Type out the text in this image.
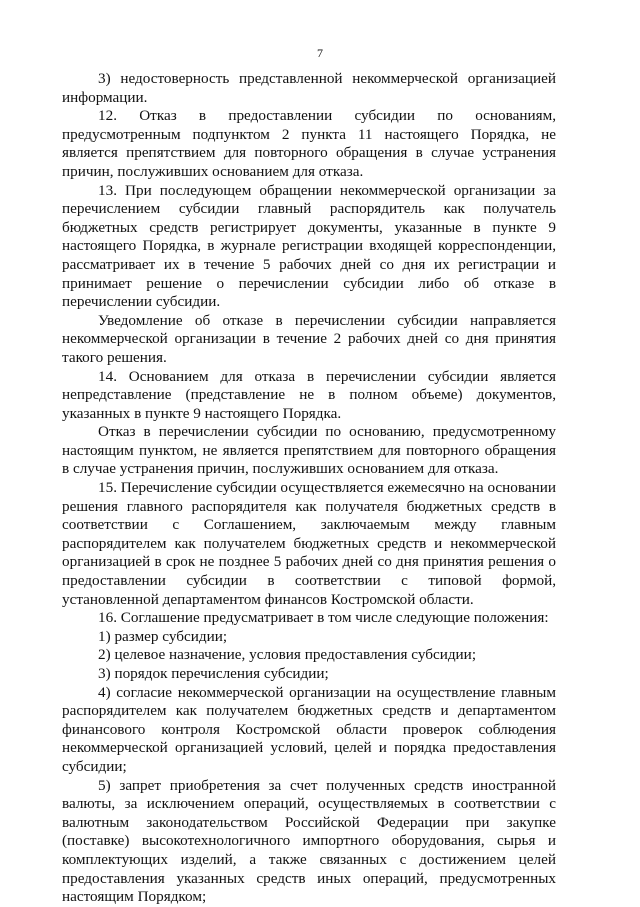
7

3) недостоверность представленной некоммерческой организацией информации.

12. Отказ в предоставлении субсидии по основаниям, предусмотренным подпунктом 2 пункта 11 настоящего Порядка, не является препятствием для повторного обращения в случае устранения причин, послуживших основанием для отказа.

13. При последующем обращении некоммерческой организации за перечислением субсидии главный распорядитель как получатель бюджетных средств регистрирует документы, указанные в пункте 9 настоящего Порядка, в журнале регистрации входящей корреспонденции, рассматривает их в течение 5 рабочих дней со дня их регистрации и принимает решение о перечислении субсидии либо об отказе в перечислении субсидии.

Уведомление об отказе в перечислении субсидии направляется некоммерческой организации в течение 2 рабочих дней со дня принятия такого решения.

14. Основанием для отказа в перечислении субсидии является непредставление (представление не в полном объеме) документов, указанных в пункте 9 настоящего Порядка.

Отказ в перечислении субсидии по основанию, предусмотренному настоящим пунктом, не является препятствием для повторного обращения в случае устранения причин, послуживших основанием для отказа.

15. Перечисление субсидии осуществляется ежемесячно на основании решения главного распорядителя как получателя бюджетных средств в соответствии с Соглашением, заключаемым между главным распорядителем как получателем бюджетных средств и некоммерческой организацией в срок не позднее 5 рабочих дней со дня принятия решения о предоставлении субсидии в соответствии с типовой формой, установленной департаментом финансов Костромской области.

16. Соглашение предусматривает в том числе следующие положения:

1) размер субсидии;

2) целевое назначение, условия предоставления субсидии;

3) порядок перечисления субсидии;

4) согласие некоммерческой организации на осуществление главным распорядителем как получателем бюджетных средств и департаментом финансового контроля Костромской области проверок соблюдения некоммерческой организацией условий, целей и порядка предоставления субсидии;

5) запрет приобретения за счет полученных средств иностранной валюты, за исключением операций, осуществляемых в соответствии с валютным законодательством Российской Федерации при закупке (поставке) высокотехнологичного импортного оборудования, сырья и комплектующих изделий, а также связанных с достижением целей предоставления указанных средств иных операций, предусмотренных настоящим Порядком;
